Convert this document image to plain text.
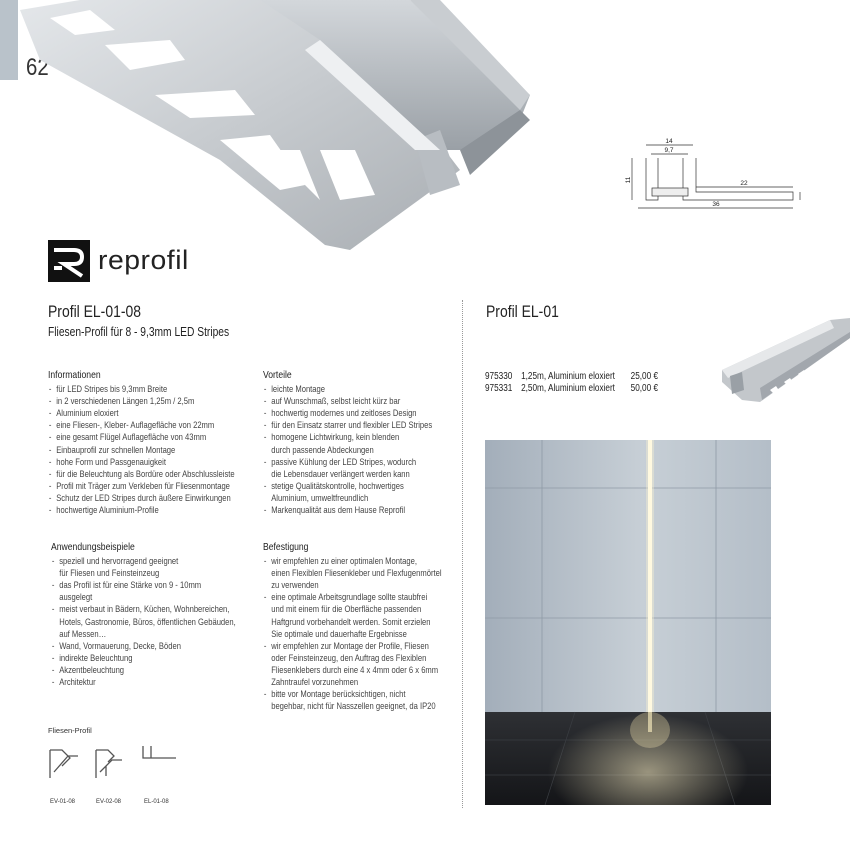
62
14
9,7
11	22
36
reprofil
Profil EL-01-08
Fliesen-Profil für 8 - 9,3mm LED Stripes
Profil EL-01
Informationen
- für LED Stripes bis 9,3mm Breite
- in 2 verschiedenen Längen 1,25m / 2,5m
- Aluminium eloxiert
- eine Fliesen-, Kleber- Auflagefläche von 22mm
- eine gesamt Flügel Auflagefläche von 43mm
- Einbauprofil zur schnellen Montage
- hohe Form und Passgenauigkeit
- für die Beleuchtung als Bordüre oder Abschlussleiste
- Profil mit Träger zum Verkleben für Fliesenmontage
- Schutz der LED Stripes durch äußere Einwirkungen
- hochwertige Aluminium-Profile
Vorteile
- leichte Montage
- auf Wunschmaß, selbst leicht kürz bar
- hochwertig modernes und zeitloses Design
- für den Einsatz starrer und flexibler LED Stripes
- homogene Lichtwirkung, kein blenden
durch passende Abdeckungen
- passive Kühlung der LED Stripes, wodurch
die Lebensdauer verlängert werden kann
- stetige Qualitätskontrolle, hochwertiges
Aluminium, umweltfreundlich
- Markenqualität aus dem Hause Reprofil
Anwendungsbeispiele
- speziell und hervorragend geeignet
für Fliesen und Feinsteinzeug
- das Profil ist für eine Stärke von 9 - 10mm
ausgelegt
- meist verbaut in Bädern, Küchen, Wohnbereichen,
Hotels, Gastronomie, Büros, öffentlichen Gebäuden,
auf Messen…
- Wand, Vormauerung, Decke, Böden
- indirekte Beleuchtung
- Akzentbeleuchtung
- Architektur
Befestigung
- wir empfehlen zu einer optimalen Montage,
einen Flexiblen Fliesenkleber und Flexfugenmörtel
zu verwenden
- eine optimale Arbeitsgrundlage sollte staubfrei
und mit einem für die Oberfläche passenden
Haftgrund vorbehandelt werden. Somit erzielen
Sie optimale und dauerhafte Ergebnisse
- wir empfehlen zur Montage der Profile, Fliesen
oder Feinsteinzeug, den Auftrag des Flexiblen
Fliesenklebers durch eine 4 x 4mm oder 6 x 6mm
Zahntraufel vorzunehmen
- bitte vor Montage berücksichtigen, nicht
begehbar, nicht für Nasszellen geeignet, da IP20
975330 1,25m, Aluminium eloxiert	25,00 €
975331 2,50m, Aluminium eloxiert	50,00 €
Fliesen-Profil
EV-01-08	EV-02-08	EL-01-08
